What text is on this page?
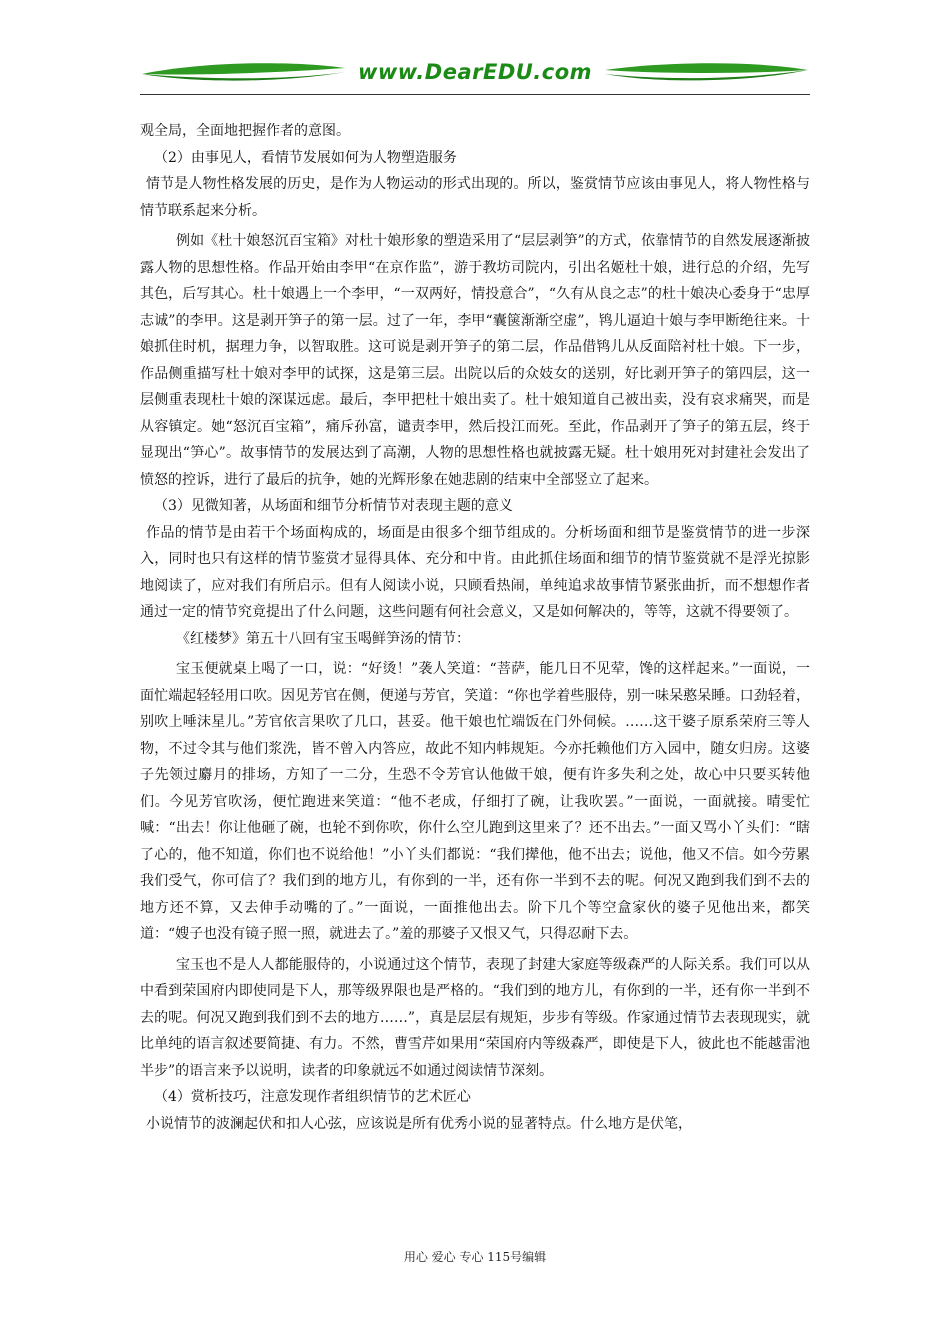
www.DearEDU.com

观全局，全面地把握作者的意图。

（2）由事见人，看情节发展如何为人物塑造服务

情节是人物性格发展的历史，是作为人物运动的形式出现的。所以，鉴赏情节应该由事见人，将人物性格与情节联系起来分析。

例如《杜十娘怒沉百宝箱》对杜十娘形象的塑造采用了“层层剥笋”的方式，依靠情节的自然发展逐渐披露人物的思想性格。作品开始由李甲“在京作监”，游于教坊司院内，引出名姬杜十娘，进行总的介绍，先写其色，后写其心。杜十娘遇上一个李甲，“一双两好，情投意合”，“久有从良之志”的杜十娘决心委身于“忠厚志诚”的李甲。这是剥开笋子的第一层。过了一年，李甲“囊箧渐渐空虚”，鸨儿逼迫十娘与李甲断绝往来。十娘抓住时机，据理力争，以智取胜。这可说是剥开笋子的第二层，作品借鸨儿从反面陪衬杜十娘。下一步，作品侧重描写杜十娘对李甲的试探，这是第三层。出院以后的众妓女的送别，好比剥开笋子的第四层，这一层侧重表现杜十娘的深谋远虑。最后，李甲把杜十娘出卖了。杜十娘知道自己被出卖，没有哀求痛哭，而是从容镇定。她“怒沉百宝箱”，痛斥孙富，谴责李甲，然后投江而死。至此，作品剥开了笋子的第五层，终于显现出“笋心”。故事情节的发展达到了高潮，人物的思想性格也就披露无疑。杜十娘用死对封建社会发出了愤怒的控诉，进行了最后的抗争，她的光辉形象在她悲剧的结束中全部竖立了起来。

（3）见微知著，从场面和细节分析情节对表现主题的意义

作品的情节是由若干个场面构成的，场面是由很多个细节组成的。分析场面和细节是鉴赏情节的进一步深入，同时也只有这样的情节鉴赏才显得具体、充分和中肯。由此抓住场面和细节的情节鉴赏就不是浮光掠影地阅读了，应对我们有所启示。但有人阅读小说，只顾看热闹，单纯追求故事情节紧张曲折，而不想想作者通过一定的情节究竟提出了什么问题，这些问题有何社会意义，又是如何解决的，等等，这就不得要领了。

《红楼梦》第五十八回有宝玉喝鲜笋汤的情节：

宝玉便就桌上喝了一口，说：“好烫！”袭人笑道：“菩萨，能几日不见荤，馋的这样起来。”一面说，一面忙端起轻轻用口吹。因见芳官在侧，便递与芳官，笑道：“你也学着些服侍，别一味呆憨呆睡。口劲轻着，别吹上唾沫星儿。”芳官依言果吹了几口，甚妥。他干娘也忙端饭在门外伺候。……这干婆子原系荣府三等人物，不过令其与他们浆洗，皆不曾入内答应，故此不知内帏规矩。今亦托赖他们方入园中，随女归房。这婆子先领过麝月的排场，方知了一二分，生恐不令芳官认他做干娘，便有许多失利之处，故心中只要买转他们。今见芳官吹汤，便忙跑进来笑道：“他不老成，仔细打了碗，让我吹罢。”一面说，一面就接。晴雯忙喊：“出去！你让他砸了碗，也轮不到你吹，你什么空儿跑到这里来了？还不出去。”一面又骂小丫头们：“瞎了心的，他不知道，你们也不说给他！”小丫头们都说：“我们撵他，他不出去；说他，他又不信。如今劳累我们受气，你可信了？我们到的地方儿，有你到的一半，还有你一半到不去的呢。何况又跑到我们到不去的地方还不算，又去伸手动嘴的了。”一面说，一面推他出去。阶下几个等空盒家伙的婆子见他出来，都笑道：“嫂子也没有镜子照一照，就进去了。”羞的那婆子又恨又气，只得忍耐下去。

宝玉也不是人人都能服侍的，小说通过这个情节，表现了封建大家庭等级森严的人际关系。我们可以从中看到荣国府内即使同是下人，那等级界限也是严格的。“我们到的地方儿，有你到的一半，还有你一半到不去的呢。何况又跑到我们到不去的地方……”，真是层层有规矩，步步有等级。作家通过情节去表现现实，就比单纯的语言叙述要简捷、有力。不然，曹雪芹如果用“荣国府内等级森严，即使是下人，彼此也不能越雷池半步”的语言来予以说明，读者的印象就远不如通过阅读情节深刻。

（4）赏析技巧，注意发现作者组织情节的艺术匠心

小说情节的波澜起伏和扣人心弦，应该说是所有优秀小说的显著特点。什么地方是伏笔，

用心 爱心 专心 115号编辑
